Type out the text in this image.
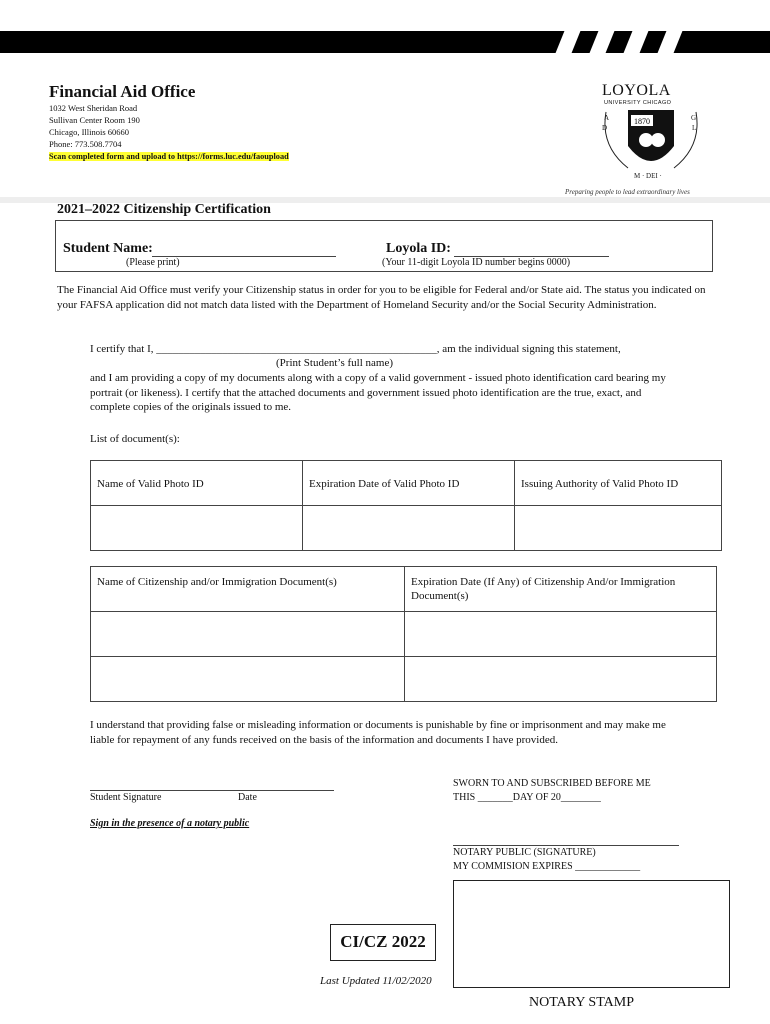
Financial Aid Office
1032 West Sheridan Road
Sullivan Center Room 190
Chicago, Illinois 60660
Phone: 773.508.7704
Scan completed form and upload to https://forms.luc.edu/faoupload
LOYOLA
UNIVERSITY CHICAGO
1870
A
D
G
L
M · DEI ·
Preparing people to lead extraordinary lives
2021–2022 Citizenship Certification
Student Name:
(Please print)
Loyola ID:
(Your 11-digit Loyola ID number begins 0000)
The Financial Aid Office must verify your Citizenship status in order for you to be eligible for Federal and/or State aid. The status you indicated on your FAFSA application did not match data listed with the Department of Homeland Security and/or the Social Security Administration.
I certify that I, ___________________________________________________, am the individual signing this statement,
(Print Student’s full name)
and I am providing a copy of my documents along with a copy of a valid government - issued photo identification card bearing my portrait (or likeness). I certify that the attached documents and government issued photo identification are the true, exact, and complete copies of the originals issued to me.
List of document(s):
Name of Valid Photo ID	Expiration Date of Valid Photo ID	Issuing Authority of Valid Photo ID

Name of Citizenship and/or Immigration Document(s)	Expiration Date (If Any) of Citizenship And/or Immigration Document(s)

I understand that providing false or misleading information or documents is punishable by fine or imprisonment and may make me liable for repayment of any funds received on the basis of the information and documents I have provided.
Student Signature	Date
Sign in the presence of a notary public
SWORN TO AND SUBSCRIBED BEFORE ME
THIS _______DAY OF 20________
NOTARY PUBLIC (SIGNATURE)
MY COMMISION EXPIRES _____________
CI/CZ 2022
Last Updated 11/02/2020
NOTARY STAMP
